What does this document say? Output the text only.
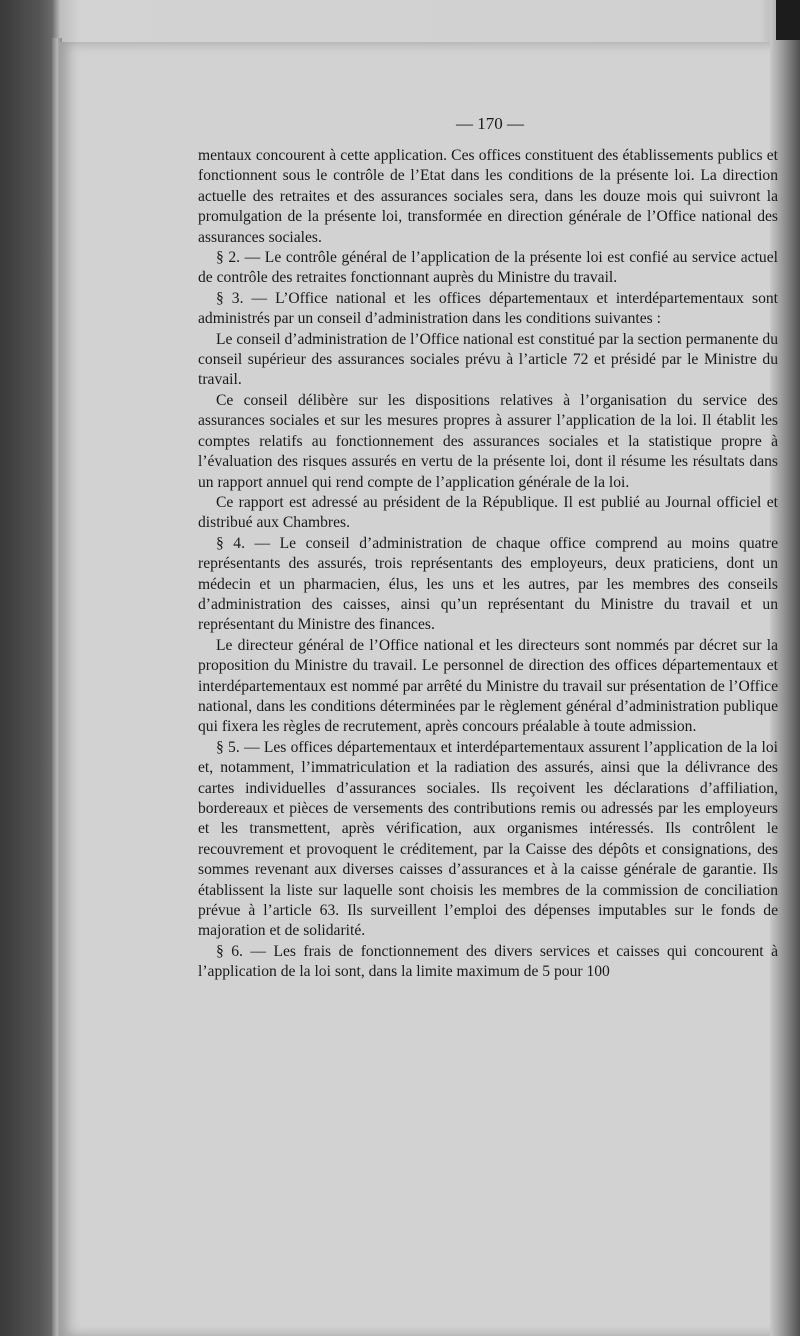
— 170 —

mentaux concourent à cette application. Ces offices constituent des établissements publics et fonctionnent sous le contrôle de l’Etat dans les conditions de la présente loi. La direction actuelle des retraites et des assurances sociales sera, dans les douze mois qui suivront la promulgation de la présente loi, transformée en direction générale de l’Office national des assurances sociales.

§ 2. — Le contrôle général de l’application de la présente loi est confié au service actuel de contrôle des retraites fonctionnant auprès du Ministre du travail.

§ 3. — L’Office national et les offices départementaux et interdépartementaux sont administrés par un conseil d’administration dans les conditions suivantes :

Le conseil d’administration de l’Office national est constitué par la section permanente du conseil supérieur des assurances sociales prévu à l’article 72 et présidé par le Ministre du travail.

Ce conseil délibère sur les dispositions relatives à l’organisation du service des assurances sociales et sur les mesures propres à assurer l’application de la loi. Il établit les comptes relatifs au fonctionnement des assurances sociales et la statistique propre à l’évaluation des risques assurés en vertu de la présente loi, dont il résume les résultats dans un rapport annuel qui rend compte de l’application générale de la loi.

Ce rapport est adressé au président de la République. Il est publié au Journal officiel et distribué aux Chambres.

§ 4. — Le conseil d’administration de chaque office comprend au moins quatre représentants des assurés, trois représentants des employeurs, deux praticiens, dont un médecin et un pharmacien, élus, les uns et les autres, par les membres des conseils d’administration des caisses, ainsi qu’un représentant du Ministre du travail et un représentant du Ministre des finances.

Le directeur général de l’Office national et les directeurs sont nommés par décret sur la proposition du Ministre du travail. Le personnel de direction des offices départementaux et interdépartementaux est nommé par arrêté du Ministre du travail sur présentation de l’Office national, dans les conditions déterminées par le règlement général d’administration publique qui fixera les règles de recrutement, après concours préalable à toute admission.

§ 5. — Les offices départementaux et interdépartementaux assurent l’application de la loi et, notamment, l’immatriculation et la radiation des assurés, ainsi que la délivrance des cartes individuelles d’assurances sociales. Ils reçoivent les déclarations d’affiliation, bordereaux et pièces de versements des contributions remis ou adressés par les employeurs et les transmettent, après vérification, aux organismes intéressés. Ils contrôlent le recouvrement et provoquent le créditement, par la Caisse des dépôts et consignations, des sommes revenant aux diverses caisses d’assurances et à la caisse générale de garantie. Ils établissent la liste sur laquelle sont choisis les membres de la commission de conciliation prévue à l’article 63. Ils surveillent l’emploi des dépenses imputables sur le fonds de majoration et de solidarité.

§ 6. — Les frais de fonctionnement des divers services et caisses qui concourent à l’application de la loi sont, dans la limite maximum de 5 pour 100
